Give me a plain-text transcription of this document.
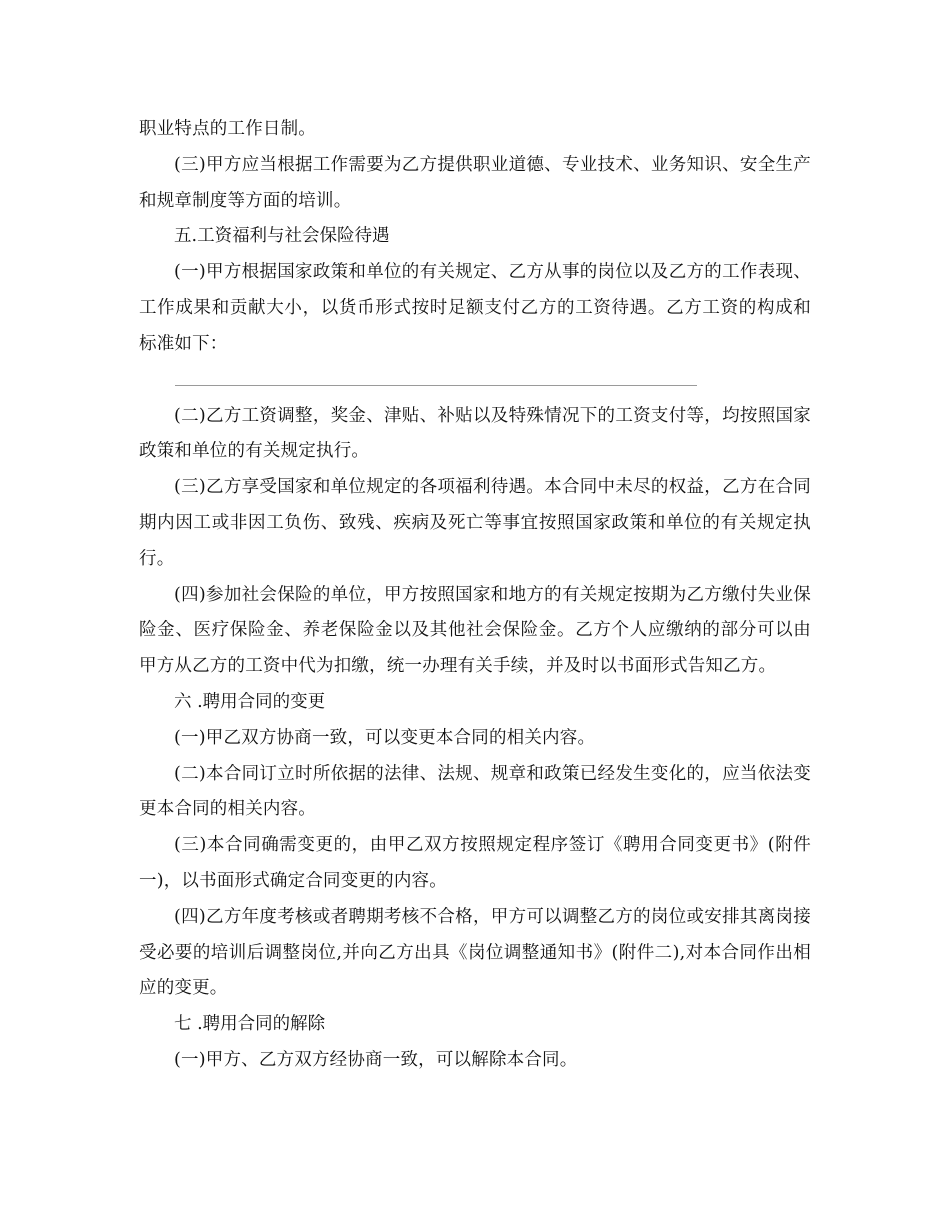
职业特点的工作日制。

(三)甲方应当根据工作需要为乙方提供职业道德、专业技术、业务知识、安全生产和规章制度等方面的培训。

五.工资福利与社会保险待遇

(一)甲方根据国家政策和单位的有关规定、乙方从事的岗位以及乙方的工作表现、工作成果和贡献大小，以货币形式按时足额支付乙方的工资待遇。乙方工资的构成和标准如下：

(二)乙方工资调整，奖金、津贴、补贴以及特殊情况下的工资支付等，均按照国家政策和单位的有关规定执行。

(三)乙方享受国家和单位规定的各项福利待遇。本合同中未尽的权益，乙方在合同期内因工或非因工负伤、致残、疾病及死亡等事宜按照国家政策和单位的有关规定执行。

(四)参加社会保险的单位，甲方按照国家和地方的有关规定按期为乙方缴付失业保险金、医疗保险金、养老保险金以及其他社会保险金。乙方个人应缴纳的部分可以由甲方从乙方的工资中代为扣缴，统一办理有关手续，并及时以书面形式告知乙方。

六 .聘用合同的变更

(一)甲乙双方协商一致，可以变更本合同的相关内容。

(二)本合同订立时所依据的法律、法规、规章和政策已经发生变化的，应当依法变更本合同的相关内容。

(三)本合同确需变更的，由甲乙双方按照规定程序签订《聘用合同变更书》(附件一)，以书面形式确定合同变更的内容。

(四)乙方年度考核或者聘期考核不合格，甲方可以调整乙方的岗位或安排其离岗接受必要的培训后调整岗位,并向乙方出具《岗位调整通知书》(附件二),对本合同作出相应的变更。

七 .聘用合同的解除

(一)甲方、乙方双方经协商一致，可以解除本合同。
